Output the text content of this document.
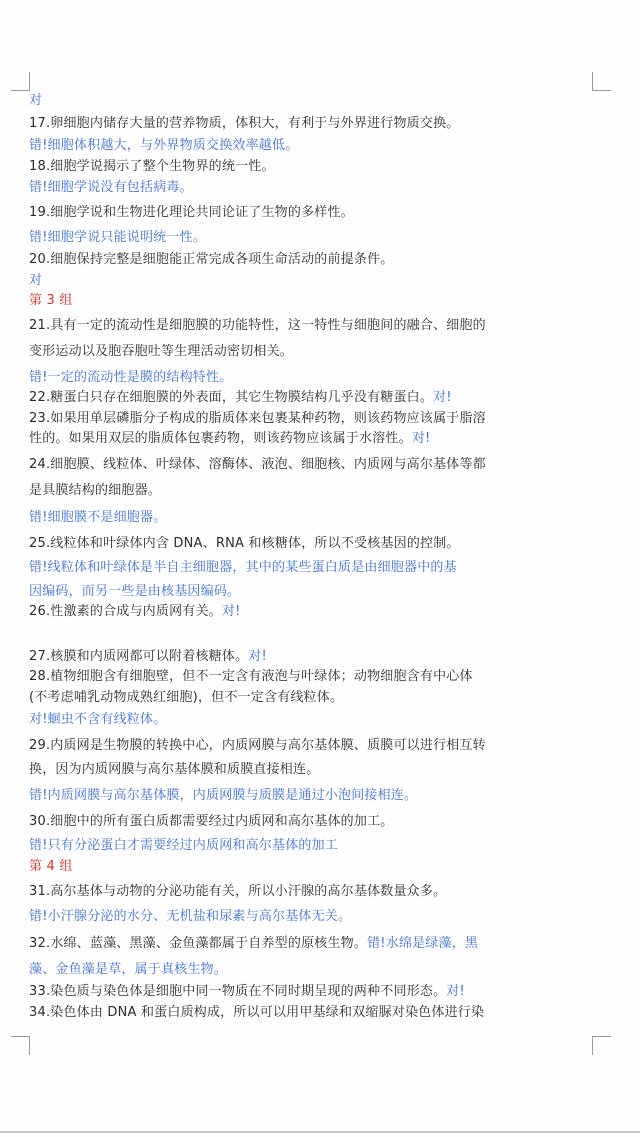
对
17.卵细胞内储存大量的营养物质，体积大，有利于与外界进行物质交换。
错!细胞体积越大，与外界物质交换效率越低。
18.细胞学说揭示了整个生物界的统一性。
错!细胞学说没有包括病毒。
19.细胞学说和生物进化理论共同论证了生物的多样性。
错!细胞学说只能说明统一性。
20.细胞保持完整是细胞能正常完成各项生命活动的前提条件。
对
第 3 组
21.具有一定的流动性是细胞膜的功能特性，这一特性与细胞间的融合、细胞的
变形运动以及胞吞胞吐等生理活动密切相关。
错!一定的流动性是膜的结构特性。
22.糖蛋白只存在细胞膜的外表面，其它生物膜结构几乎没有糖蛋白。对!
23.如果用单层磷脂分子构成的脂质体来包裹某种药物，则该药物应该属于脂溶
性的。如果用双层的脂质体包裹药物，则该药物应该属于水溶性。对!
24.细胞膜、线粒体、叶绿体、溶酶体、液泡、细胞核、内质网与高尔基体等都
是具膜结构的细胞器。
错!细胞膜不是细胞器。
25.线粒体和叶绿体内含 DNA、RNA 和核糖体，所以不受核基因的控制。
错!线粒体和叶绿体是半自主细胞器，其中的某些蛋白质是由细胞器中的基
因编码，而另一些是由核基因编码。
26.性激素的合成与内质网有关。对!
27.核膜和内质网都可以附着核糖体。对!
28.植物细胞含有细胞壁，但不一定含有液泡与叶绿体；动物细胞含有中心体
(不考虑哺乳动物成熟红细胞)，但不一定含有线粒体。
对!蛔虫不含有线粒体。
29.内质网是生物膜的转换中心，内质网膜与高尔基体膜、质膜可以进行相互转
换，因为内质网膜与高尔基体膜和质膜直接相连。
错!内质网膜与高尔基体膜，内质网膜与质膜是通过小泡间接相连。
30.细胞中的所有蛋白质都需要经过内质网和高尔基体的加工。
错!只有分泌蛋白才需要经过内质网和高尔基体的加工
第 4 组
31.高尔基体与动物的分泌功能有关，所以小汗腺的高尔基体数量众多。
错!小汗腺分泌的水分、无机盐和尿素与高尔基体无关。
32.水绵、蓝藻、黑藻、金鱼藻都属于自养型的原核生物。错!水绵是绿藻，黑
藻、金鱼藻是草，属于真核生物。
33.染色质与染色体是细胞中同一物质在不同时期呈现的两种不同形态。对!
34.染色体由 DNA 和蛋白质构成，所以可以用甲基绿和双缩脲对染色体进行染
